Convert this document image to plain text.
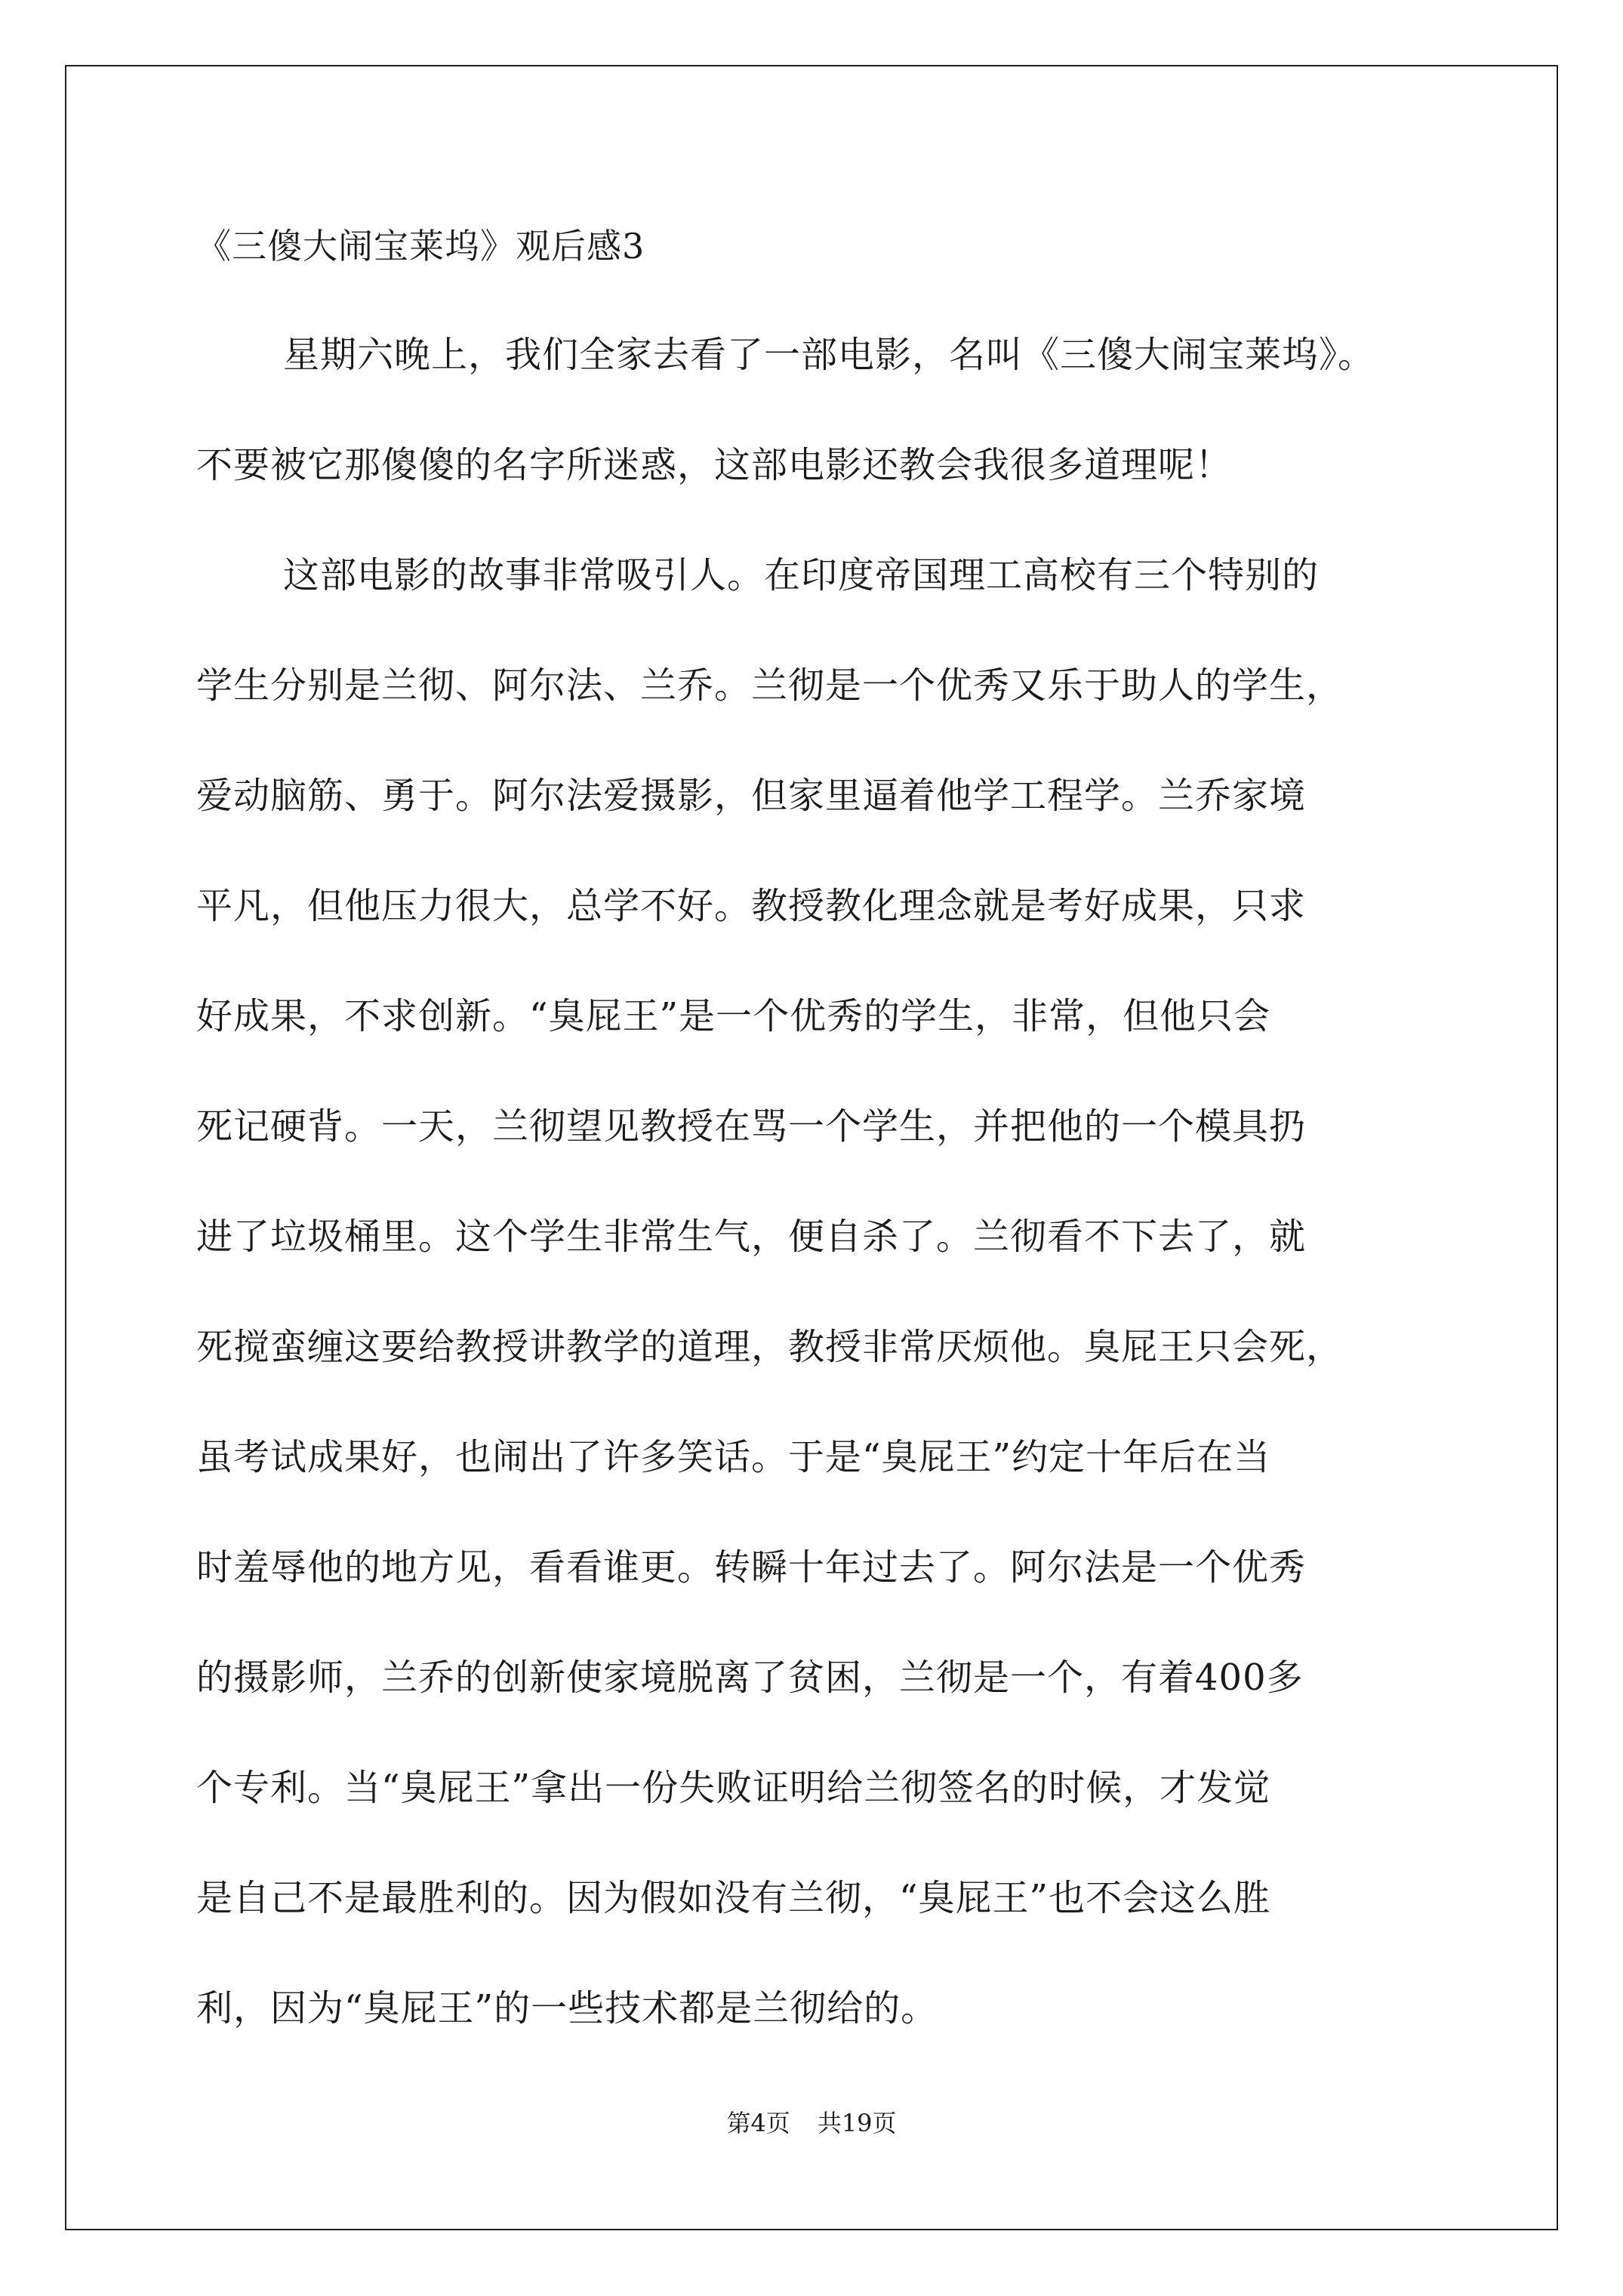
《三傻大闹宝莱坞》观后感3
星期六晚上，我们全家去看了一部电影，名叫《三傻大闹宝莱坞》。
不要被它那傻傻的名字所迷惑，这部电影还教会我很多道理呢！
这部电影的故事非常吸引人。在印度帝国理工高校有三个特别的
学生分别是兰彻、阿尔法、兰乔。兰彻是一个优秀又乐于助人的学生，
爱动脑筋、勇于。阿尔法爱摄影，但家里逼着他学工程学。兰乔家境
平凡，但他压力很大，总学不好。教授教化理念就是考好成果，只求
好成果，不求创新。“臭屁王”是一个优秀的学生，非常，但他只会
死记硬背。一天，兰彻望见教授在骂一个学生，并把他的一个模具扔
进了垃圾桶里。这个学生非常生气，便自杀了。兰彻看不下去了，就
死搅蛮缠这要给教授讲教学的道理，教授非常厌烦他。臭屁王只会死，
虽考试成果好，也闹出了许多笑话。于是“臭屁王”约定十年后在当
时羞辱他的地方见，看看谁更。转瞬十年过去了。阿尔法是一个优秀
的摄影师，兰乔的创新使家境脱离了贫困，兰彻是一个，有着400多
个专利。当“臭屁王”拿出一份失败证明给兰彻签名的时候，才发觉
是自己不是最胜利的。因为假如没有兰彻，“臭屁王”也不会这么胜
利，因为“臭屁王”的一些技术都是兰彻给的。
第4页 共19页
